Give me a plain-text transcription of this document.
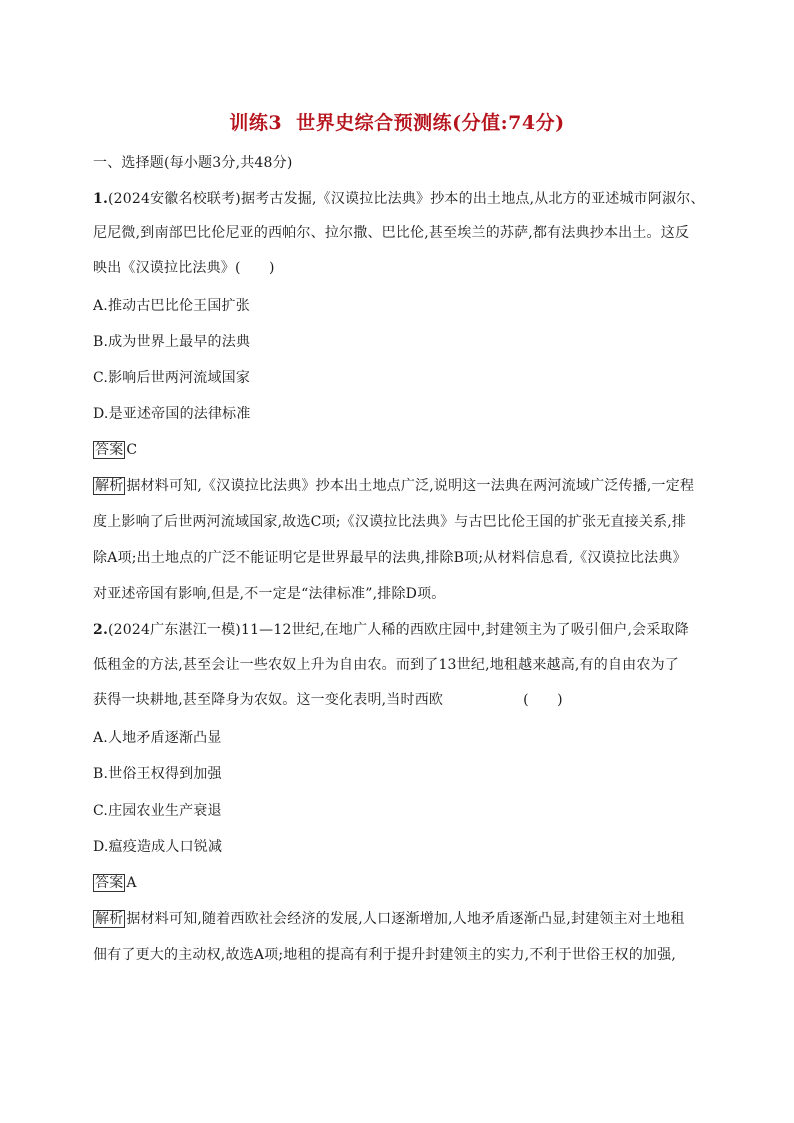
训练3 世界史综合预测练(分值:74分)
一、选择题(每小题3分,共48分)
1.(2024安徽名校联考)据考古发掘,《汉谟拉比法典》抄本的出土地点,从北方的亚述城市阿淑尔、
尼尼微,到南部巴比伦尼亚的西帕尔、拉尔撒、巴比伦,甚至埃兰的苏萨,都有法典抄本出土。这反
映出《汉谟拉比法典》(　　)
A.推动古巴比伦王国扩张
B.成为世界上最早的法典
C.影响后世两河流域国家
D.是亚述帝国的法律标准
答案 C
解析 据材料可知,《汉谟拉比法典》抄本出土地点广泛,说明这一法典在两河流域广泛传播,一定程
度上影响了后世两河流域国家,故选C项;《汉谟拉比法典》与古巴比伦王国的扩张无直接关系,排
除A项;出土地点的广泛不能证明它是世界最早的法典,排除B项;从材料信息看,《汉谟拉比法典》
对亚述帝国有影响,但是,不一定是“法律标准”,排除D项。
2.(2024广东湛江一模)11—12世纪,在地广人稀的西欧庄园中,封建领主为了吸引佃户,会采取降
低租金的方法,甚至会让一些农奴上升为自由农。而到了13世纪,地租越来越高,有的自由农为了
获得一块耕地,甚至降身为农奴。这一变化表明,当时西欧	(　　)
A.人地矛盾逐渐凸显
B.世俗王权得到加强
C.庄园农业生产衰退
D.瘟疫造成人口锐减
答案 A
解析 据材料可知,随着西欧社会经济的发展,人口逐渐增加,人地矛盾逐渐凸显,封建领主对土地租
佃有了更大的主动权,故选A项;地租的提高有利于提升封建领主的实力,不利于世俗王权的加强,
